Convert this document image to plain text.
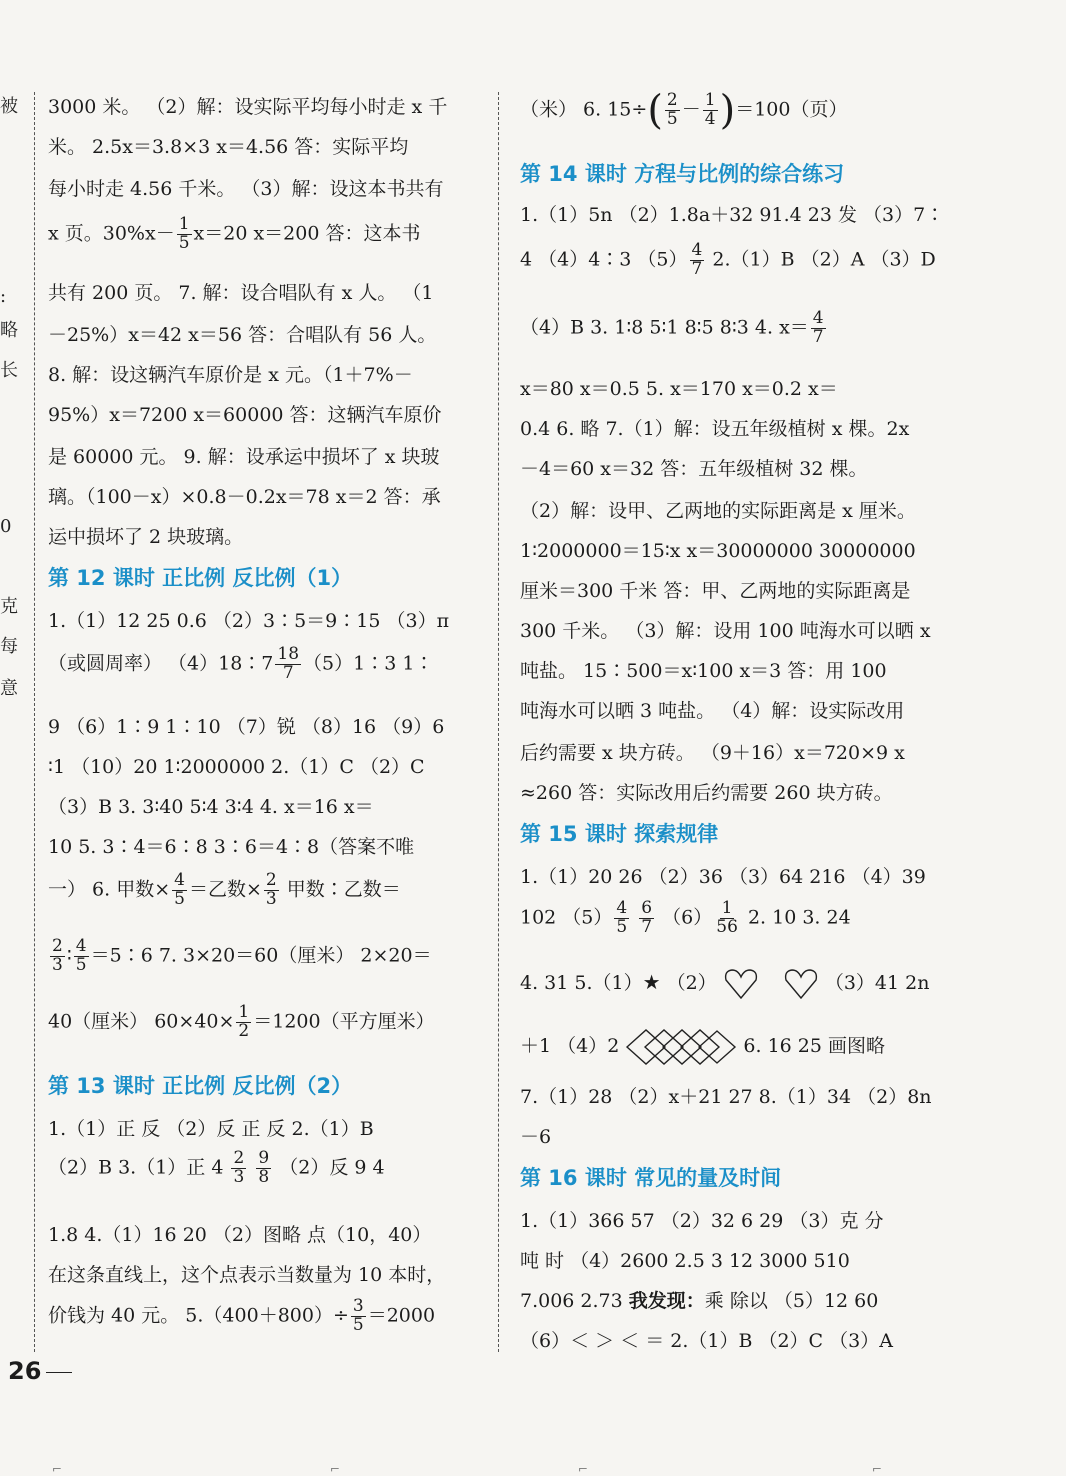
被
:
略
长
0
克
每
意
3000 米。 （2）解：设实际平均每小时走 x 千
米。 2.5x＝3.8×3 x＝4.56 答：实际平均
每小时走 4.56 千米。 （3）解：设这本书共有
x 页。$30\%x- \frac{1}{5} x=20$ x＝200 答：这本书
共有 200 页。 7. 解：设合唱队有 x 人。 （1
－25%）x＝42 x＝56 答：合唱队有 56 人。
8. 解：设这辆汽车原价是 x 元。（1＋7%－
95%）x＝7200 x＝60000 答：这辆汽车原价
是 60000 元。 9. 解：设承运中损坏了 x 块玻
璃。（100－x）×0.8－0.2x＝78 x＝2 答：承
运中损坏了 2 块玻璃。
第 12 课时 正比例 反比例（1）
1.（1）12 25 0.6 （2）3∶5＝9∶15 （3）π
（或圆周率） （4）18∶7 $\frac{18}{7}$ （5）1∶3 1∶
9 （6）1∶9 1∶10 （7）锐 （8）16 （9）6
∶1 （10）20 1∶2000000 2.（1）C （2）C
（3）B 3. 3∶40 5∶4 3∶4 4. x＝16 x＝
10 5. 3∶4＝6∶8 3∶6＝4∶8（答案不唯
一） 6. 甲数× $\frac{4}{5}$ ＝乙数× $\frac{2}{3}$ 甲数∶乙数＝
$\frac{2}{3}$ ∶ $\frac{4}{5}$ ＝5∶6 7. 3×20＝60（厘米） 2×20＝
40（厘米） $60\times 40\times \frac{1}{2} =1200$（平方厘米）
第 13 课时 正比例 反比例（2）
1.（1）正 反 （2）反 正 反 2.（1）B
（2）B 3.（1）正 $4 \frac{2}{3}$
$\frac{9}{8} (2)$反 9 4
1.8 4.（1）16 20 （2）图略 点（10，40）
在这条直线上，这个点表示当数量为 10 本时，
价钱为 40 元。 $5.(400+800)\div \frac{3}{5} =2000$
（米） 6. $15\div( \frac{2}{5} - \frac{1}{4} )=100$（页）
第 14 课时 方程与比例的综合练习
1.（1）5n （2）1.8a＋32 91.4 23 发 （3）7∶
4 （4）4∶3 $(5) \frac{4}{7} 2.(1)B$ （2）A （3）D
（4）B 3. 1∶8 5∶1 8∶5 8∶3 4. $x= \frac{4}{7}$
x＝80 x＝0.5 5. x＝170 x＝0.2 x＝
0.4 6. 略 7.（1）解：设五年级植树 x 棵。2x
－4＝60 x＝32 答：五年级植树 32 棵。
（2）解：设甲、乙两地的实际距离是 x 厘米。
1∶2000000＝15∶x x＝30000000 30000000
厘米＝300 千米 答：甲、乙两地的实际距离是
300 千米。 （3）解：设用 100 吨海水可以晒 x
吨盐。 15∶500＝x∶100 x＝3 答：用 100
吨海水可以晒 3 吨盐。 （4）解：设实际改用
后约需要 x 块方砖。 （9＋16）x＝720×9 x
≈260 答：实际改用后约需要 260 块方砖。
第 15 课时 探索规律
1.（1）20 26 （2）36 （3）64 216 （4）39
102 $(5) \frac{4}{5}$
$\frac{6}{7} (6) \frac{1}{56} 2$. 10 3. 24
4. 31 5.（1）★ （2）	（3）41 2n
＋1 （4）2	6. 16 25 画图略
7.（1）28 （2）x＋21 27 8.（1）34 （2）8n
－6
第 16 课时 常见的量及时间
1.（1）366 57 （2）32 6 29 （3）克 分
吨 时 （4）2600 2.5 3 12 3000 510
7.006 2.73 我发现：乘 除以 （5）12 60
（6）＜ ＞ ＜ ＝ 2.（1）B （2）C （3）A
26
⌐	⌐	⌐	⌐
